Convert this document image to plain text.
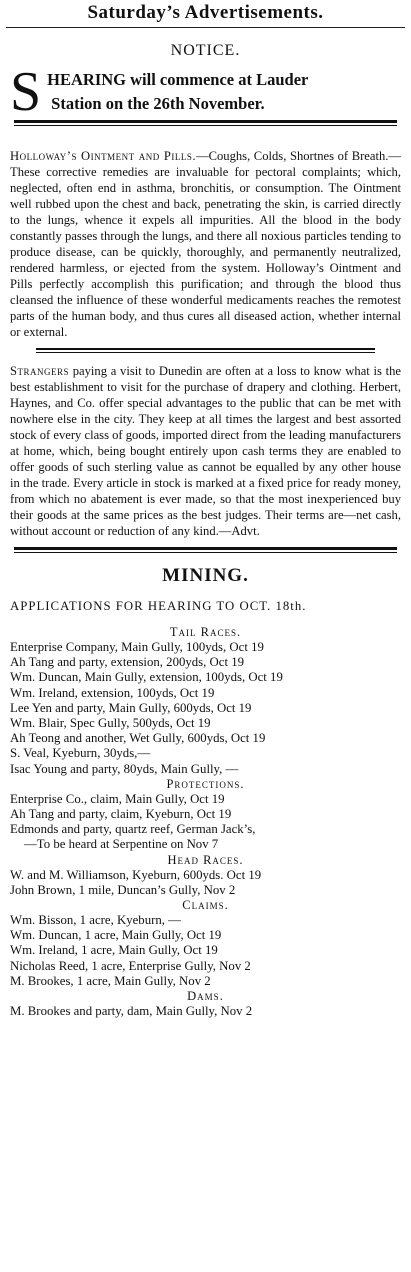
Saturday’s Advertisements.
NOTICE.
S HEARING will commence at Lauder
Station on the 26th November.

Holloway’s Ointment and Pills.—Coughs, Colds, Shortnes of Breath.—These corrective remedies are invaluable for pectoral complaints; which, neglected, often end in asthma, bronchitis, or consumption. The Ointment well rubbed upon the chest and back, penetrating the skin, is carried directly to the lungs, whence it expels all impurities. All the blood in the body constantly passes through the lungs, and there all noxious particles tending to produce disease, can be quickly, thoroughly, and permanently neutralized, rendered harmless, or ejected from the system. Holloway’s Ointment and Pills perfectly accomplish this purification; and through the blood thus cleansed the influence of these wonderful medicaments reaches the remotest parts of the human body, and thus cures all diseased action, whether internal or external.

Strangers paying a visit to Dunedin are often at a loss to know what is the best establishment to visit for the purchase of drapery and clothing. Herbert, Haynes, and Co. offer special advantages to the public that can be met with nowhere else in the city. They keep at all times the largest and best assorted stock of every class of goods, imported direct from the leading manufacturers at home, which, being bought entirely upon cash terms they are enabled to offer goods of such sterling value as cannot be equalled by any other house in the trade. Every article in stock is marked at a fixed price for ready money, from which no abatement is ever made, so that the most inexperienced buy their goods at the same prices as the best judges. Their terms are—net cash, without account or reduction of any kind.—Advt.

MINING.
APPLICATIONS FOR HEARING TO OCT. 18th.
Tail Races.
Enterprise Company, Main Gully, 100yds, Oct 19
Ah Tang and party, extension, 200yds, Oct 19
Wm. Duncan, Main Gully, extension, 100yds, Oct 19
Wm. Ireland, extension, 100yds, Oct 19
Lee Yen and party, Main Gully, 600yds, Oct 19
Wm. Blair, Spec Gully, 500yds, Oct 19
Ah Teong and another, Wet Gully, 600yds, Oct 19
S. Veal, Kyeburn, 30yds,—
Isac Young and party, 80yds, Main Gully, —
Protections.
Enterprise Co., claim, Main Gully, Oct 19
Ah Tang and party, claim, Kyeburn, Oct 19
Edmonds and party, quartz reef, German Jack’s,
—To be heard at Serpentine on Nov 7
Head Races.
W. and M. Williamson, Kyeburn, 600yds. Oct 19
John Brown, 1 mile, Duncan’s Gully, Nov 2
Claims.
Wm. Bisson, 1 acre, Kyeburn, —
Wm. Duncan, 1 acre, Main Gully, Oct 19
Wm. Ireland, 1 acre, Main Gully, Oct 19
Nicholas Reed, 1 acre, Enterprise Gully, Nov 2
M. Brookes, 1 acre, Main Gully, Nov 2
Dams.
M. Brookes and party, dam, Main Gully, Nov 2
